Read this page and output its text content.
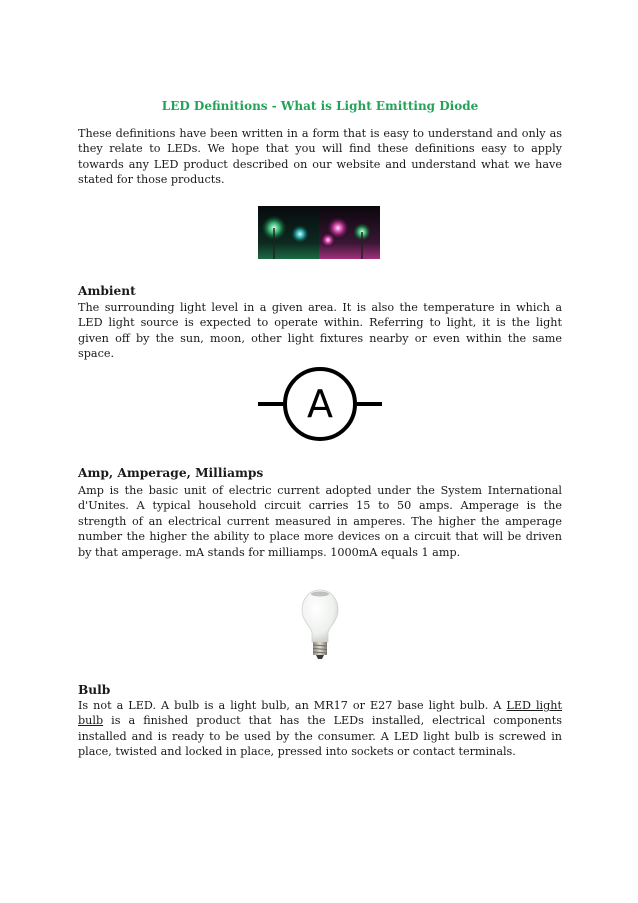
LED Definitions - What is Light Emitting Diode

These definitions have been written in a form that is easy to understand and only as they relate to LEDs. We hope that you will find these definitions easy to apply towards any LED product described on our website and understand what we have stated for those products.

Ambient

The surrounding light level in a given area. It is also the temperature in which a LED light source is expected to operate within. Referring to light, it is the light given off by the sun, moon, other light fixtures nearby or even within the same space.

A

Amp, Amperage, Milliamps

Amp is the basic unit of electric current adopted under the System International d'Unites. A typical household circuit carries 15 to 50 amps. Amperage is the strength of an electrical current measured in amperes. The higher the amperage number the higher the ability to place more devices on a circuit that will be driven by that amperage. mA stands for milliamps. 1000mA equals 1 amp.

Bulb

Is not a LED. A bulb is a light bulb, an MR17 or E27 base light bulb. A LED light bulb is a finished product that has the LEDs installed, electrical components installed and is ready to be used by the consumer. A LED light bulb is screwed in place, twisted and locked in place, pressed into sockets or contact terminals.
